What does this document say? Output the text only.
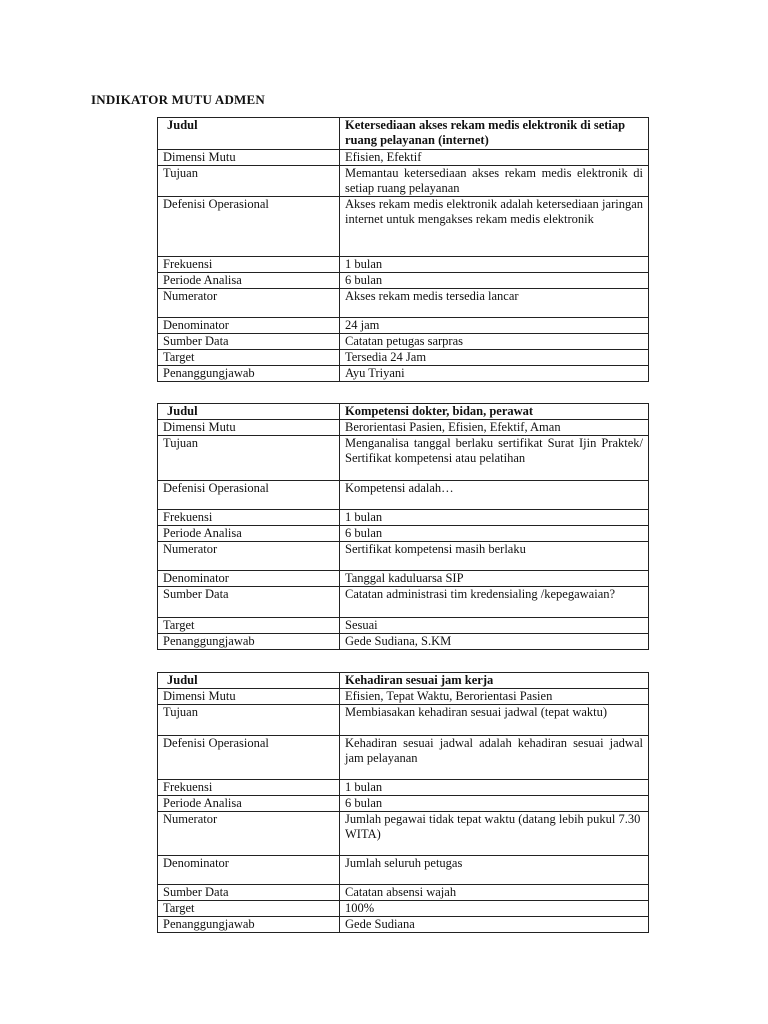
INDIKATOR MUTU ADMEN
Judul	Ketersediaan akses rekam medis elektronik di setiap ruang pelayanan (internet)
Dimensi Mutu	Efisien, Efektif
Tujuan	Memantau ketersediaan akses rekam medis elektronik di setiap ruang pelayanan
Defenisi Operasional	Akses rekam medis elektronik adalah ketersediaan jaringan internet untuk mengakses rekam medis elektronik
Frekuensi	1 bulan
Periode Analisa	6 bulan
Numerator	Akses rekam medis tersedia lancar
Denominator	24 jam
Sumber Data	Catatan petugas sarpras
Target	Tersedia 24 Jam
Penanggungjawab	Ayu Triyani
Judul	Kompetensi dokter, bidan, perawat
Dimensi Mutu	Berorientasi Pasien, Efisien, Efektif, Aman
Tujuan	Menganalisa tanggal berlaku sertifikat Surat Ijin Praktek/ Sertifikat kompetensi atau pelatihan
Defenisi Operasional	Kompetensi adalah…
Frekuensi	1 bulan
Periode Analisa	6 bulan
Numerator	Sertifikat kompetensi masih berlaku
Denominator	Tanggal kaduluarsa SIP
Sumber Data	Catatan administrasi tim kredensialing /kepegawaian?
Target	Sesuai
Penanggungjawab	Gede Sudiana, S.KM
Judul	Kehadiran sesuai jam kerja
Dimensi Mutu	Efisien, Tepat Waktu, Berorientasi Pasien
Tujuan	Membiasakan kehadiran sesuai jadwal (tepat waktu)
Defenisi Operasional	Kehadiran sesuai jadwal adalah kehadiran sesuai jadwal jam pelayanan
Frekuensi	1 bulan
Periode Analisa	6 bulan
Numerator	Jumlah pegawai tidak tepat waktu (datang lebih pukul 7.30 WITA)
Denominator	Jumlah seluruh petugas
Sumber Data	Catatan absensi wajah
Target	100%
Penanggungjawab	Gede Sudiana
